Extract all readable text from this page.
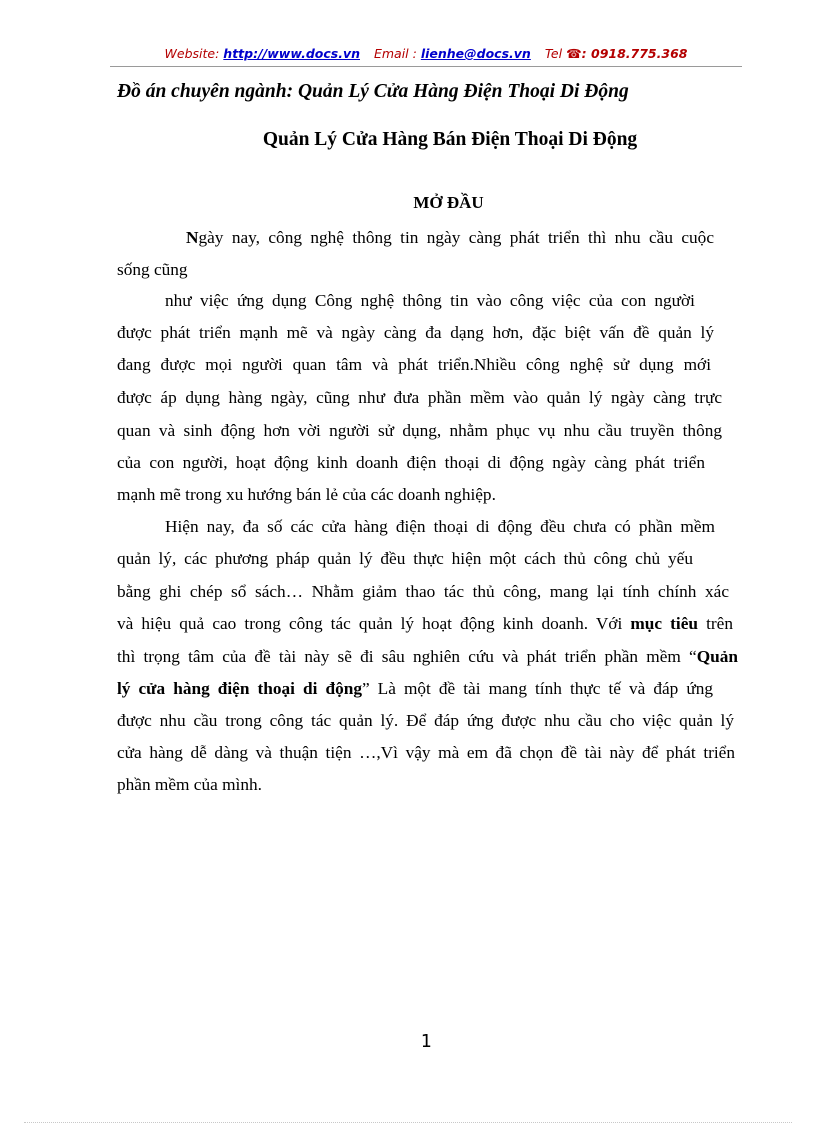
Website: http://www.docs.vn Email : lienhe@docs.vn Tel ☎: 0918.775.368
Đồ án chuyên ngành: Quản Lý Cửa Hàng Điện Thoại Di Động
Quản Lý Cửa Hàng Bán Điện Thoại Di Động
MỞ ĐẦU
Ngày nay, công nghệ thông tin ngày càng phát triển thì nhu cầu cuộc
sống cũng
như việc ứng dụng Công nghệ thông tin vào công việc của con người
được phát triển mạnh mẽ và ngày càng đa dạng hơn, đặc biệt vấn đề quản lý
đang được mọi người quan tâm và phát triển.Nhiều công nghệ sử dụng mới
được áp dụng hàng ngày, cũng như đưa phần mềm vào quản lý ngày càng trực
quan và sinh động hơn vời người sử dụng, nhằm phục vụ nhu cầu truyền thông
của con người, hoạt động kinh doanh điện thoại di động ngày càng phát triển
mạnh mẽ trong xu hướng bán lẻ của các doanh nghiệp.
Hiện nay, đa số các cửa hàng điện thoại di động đều chưa có phần mềm
quản lý, các phương pháp quản lý đều thực hiện một cách thủ công chủ yếu
bằng ghi chép sổ sách… Nhằm giảm thao tác thủ công, mang lại tính chính xác
và hiệu quả cao trong công tác quản lý hoạt động kinh doanh. Với mục tiêu trên
thì trọng tâm của đề tài này sẽ đi sâu nghiên cứu và phát triển phần mềm “Quản
lý cửa hàng điện thoại di động” Là một đề tài mang tính thực tế và đáp ứng
được nhu cầu trong công tác quản lý. Để đáp ứng được nhu cầu cho việc quản lý
cửa hàng dễ dàng và thuận tiện …,Vì vậy mà em đã chọn đề tài này để phát triển
phần mềm của mình.
1
